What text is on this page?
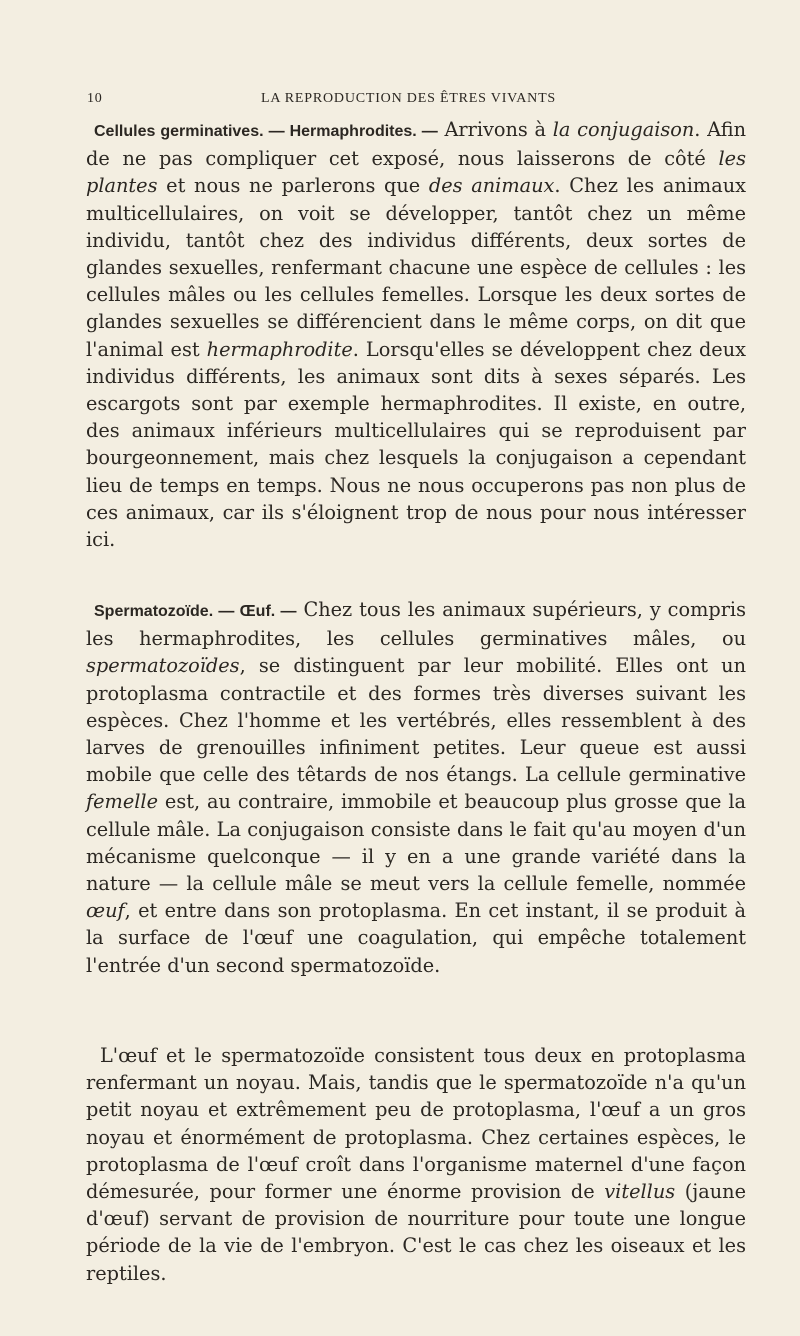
10	LA REPRODUCTION DES ÊTRES VIVANTS

Cellules germinatives. — Hermaphrodites. — Arrivons à la conjugaison. Afin de ne pas compliquer cet exposé, nous laisserons de côté les plantes et nous ne parlerons que des animaux. Chez les animaux multicellulaires, on voit se développer, tantôt chez un même individu, tantôt chez des individus différents, deux sortes de glandes sexuelles, renfermant chacune une espèce de cellules : les cellules mâles ou les cellules femelles. Lorsque les deux sortes de glandes sexuelles se différencient dans le même corps, on dit que l'animal est hermaphrodite. Lorsqu'elles se développent chez deux individus différents, les animaux sont dits à sexes séparés. Les escargots sont par exemple hermaphrodites. Il existe, en outre, des animaux inférieurs multicellulaires qui se reproduisent par bourgeonnement, mais chez lesquels la conjugaison a cependant lieu de temps en temps. Nous ne nous occuperons pas non plus de ces animaux, car ils s'éloignent trop de nous pour nous intéresser ici.

Spermatozoïde. — Œuf. — Chez tous les animaux supérieurs, y compris les hermaphrodites, les cellules germinatives mâles, ou spermatozoïdes, se distinguent par leur mobilité. Elles ont un protoplasma contractile et des formes très diverses suivant les espèces. Chez l'homme et les vertébrés, elles ressemblent à des larves de grenouilles infiniment petites. Leur queue est aussi mobile que celle des têtards de nos étangs. La cellule germinative femelle est, au contraire, immobile et beaucoup plus grosse que la cellule mâle. La conjugaison consiste dans le fait qu'au moyen d'un mécanisme quelconque — il y en a une grande variété dans la nature — la cellule mâle se meut vers la cellule femelle, nommée œuf, et entre dans son protoplasma. En cet instant, il se produit à la surface de l'œuf une coagulation, qui empêche totalement l'entrée d'un second spermatozoïde.

L'œuf et le spermatozoïde consistent tous deux en protoplasma renfermant un noyau. Mais, tandis que le spermatozoïde n'a qu'un petit noyau et extrêmement peu de protoplasma, l'œuf a un gros noyau et énormément de protoplasma. Chez certaines espèces, le protoplasma de l'œuf croît dans l'organisme maternel d'une façon démesurée, pour former une énorme provision de vitellus (jaune d'œuf) servant de provision de nourriture pour toute une longue période de la vie de l'embryon. C'est le cas chez les oiseaux et les reptiles.
